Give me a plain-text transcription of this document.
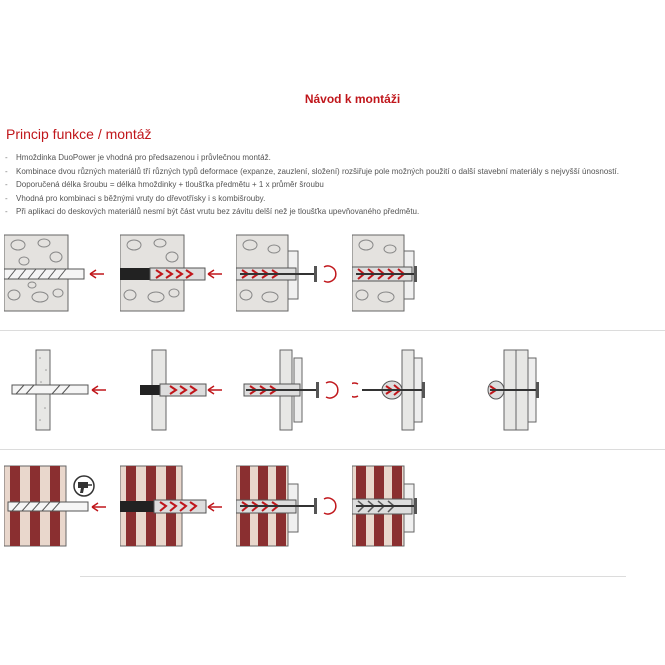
Návod k montáži
Princip funkce / montáž
- Hmoždinka DuoPower je vhodná pro předsazenou i průvlečnou montáž.
- Kombinace dvou různých materiálů tří různých typů deformace (expanze, zauzlení, složení) rozšiřuje pole možných použití o další stavební materiály s nejvyšší únosností.
- Doporučená délka šroubu = délka hmoždinky + tloušťka předmětu + 1 x průměr šroubu
- Vhodná pro kombinaci s běžnými vruty do dřevotřísky i s kombišrouby.
- Při aplikaci do deskových materiálů nesmí být část vrutu bez závitu delší než je tloušťka upevňovaného předmětu.
